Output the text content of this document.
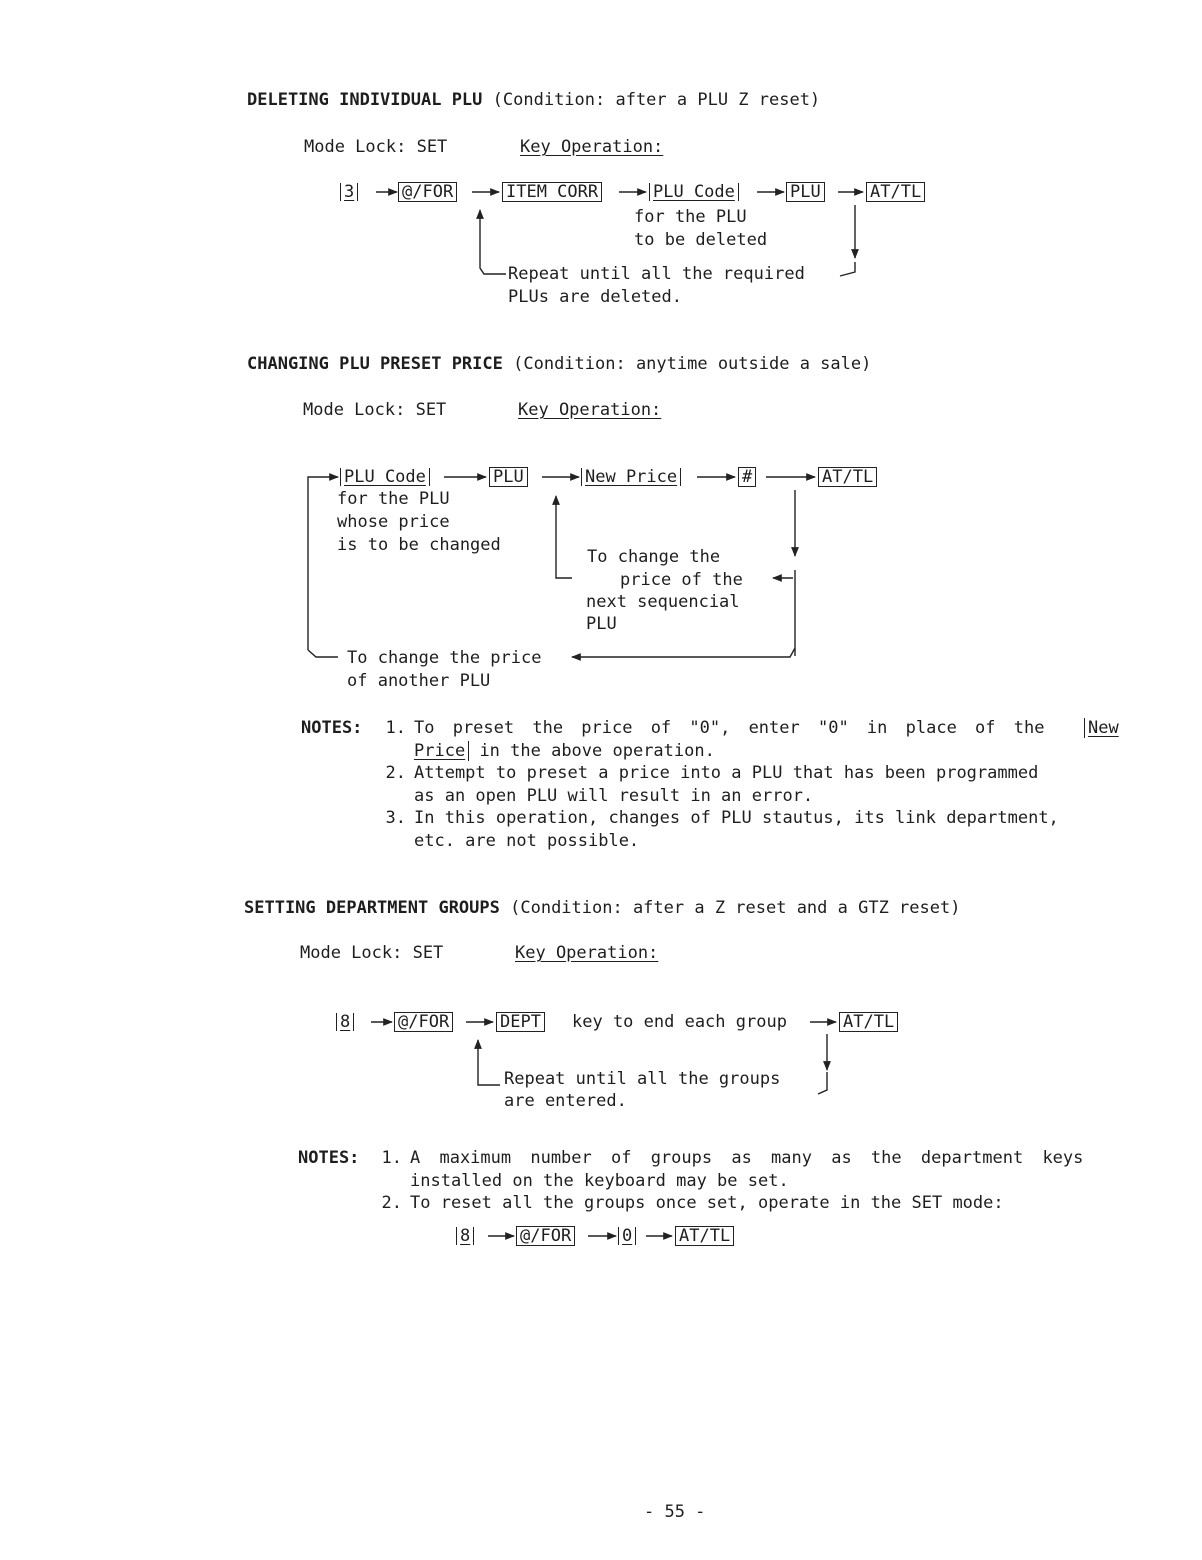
DELETING INDIVIDUAL PLU (Condition: after a PLU Z reset)
Mode Lock: SET	Key Operation:
3	@/FOR	ITEM CORR	PLU Code	PLU	AT/TL
for the PLU
to be deleted
Repeat until all the required
PLUs are deleted.
CHANGING PLU PRESET PRICE (Condition: anytime outside a sale)
Mode Lock: SET	Key Operation:
PLU Code	PLU	New Price	#	AT/TL
for the PLU
whose price
is to be changed
To change the
price of the
next sequencial
PLU
To change the price
of another PLU
NOTES:	1. To preset the price of "0", enter "0" in place of the	New
Price in the above operation.
2. Attempt to preset a price into a PLU that has been programmed
as an open PLU will result in an error.
3. In this operation, changes of PLU stautus, its link department,
etc. are not possible.
SETTING DEPARTMENT GROUPS (Condition: after a Z reset and a GTZ reset)
Mode Lock: SET	Key Operation:
8	@/FOR	DEPT key to end each group	AT/TL
Repeat until all the groups
are entered.
NOTES:	1. A maximum number of groups as many as the department keys
installed on the keyboard may be set.
2. To reset all the groups once set, operate in the SET mode:
8	@/FOR	0	AT/TL
- 55 -
